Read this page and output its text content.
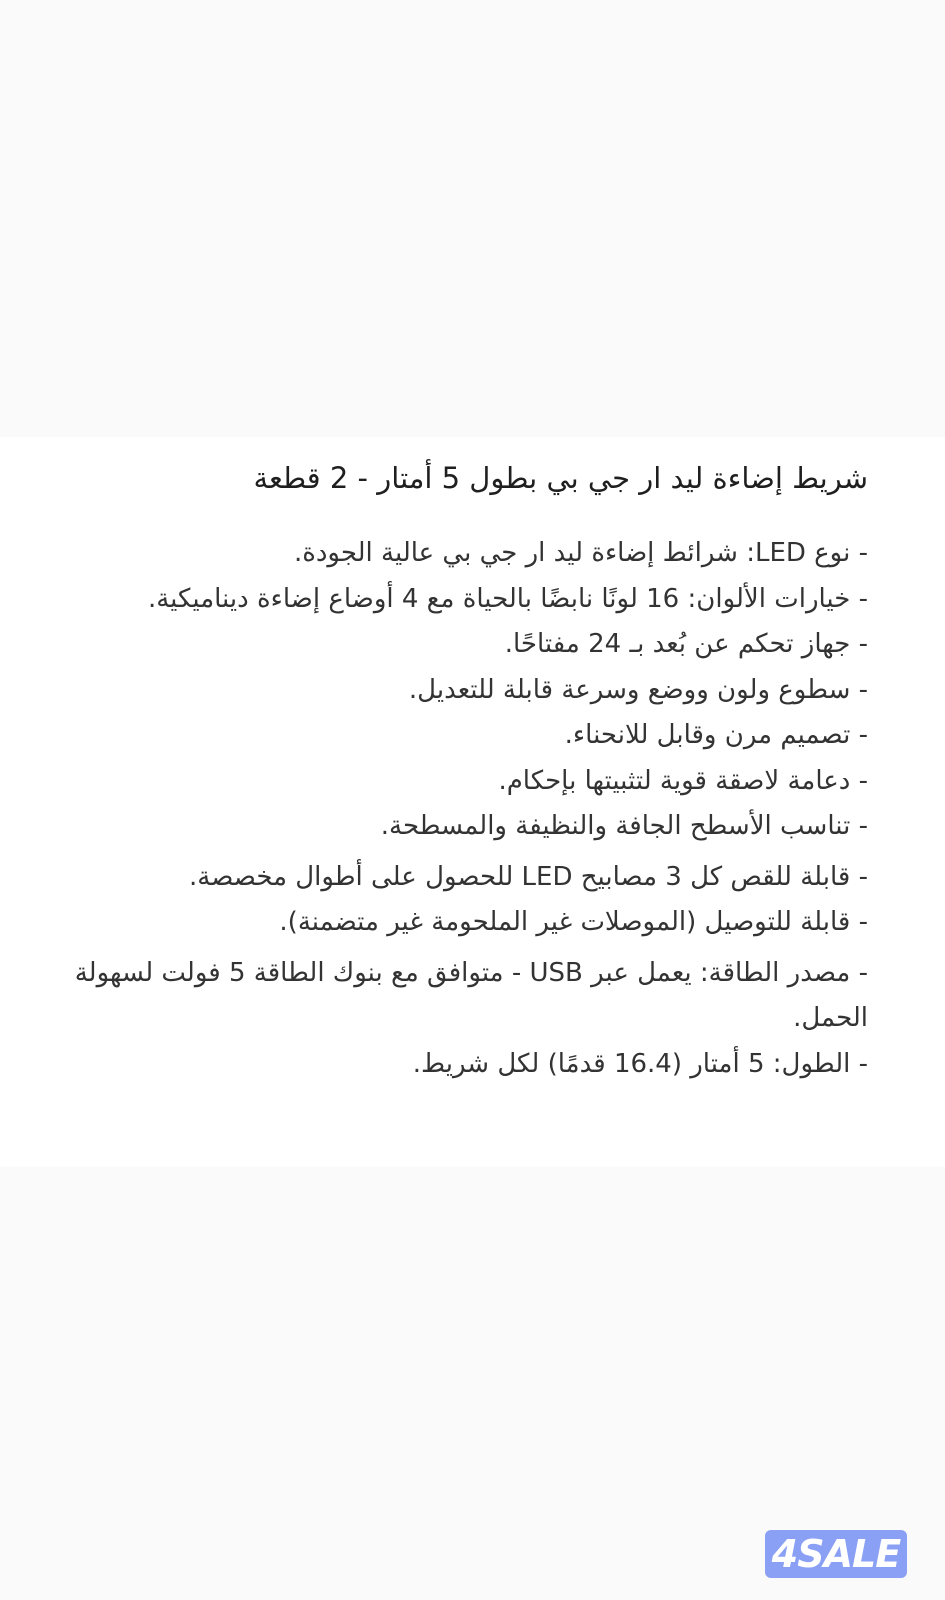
شريط إضاءة ليد ار جي بي بطول 5 أمتار - 2 قطعة
- نوع LED: شرائط إضاءة ليد ار جي بي عالية الجودة.
- خيارات الألوان: 16 لونًا نابضًا بالحياة مع 4 أوضاع إضاءة ديناميكية.
- جهاز تحكم عن بُعد بـ 24 مفتاحًا.
- سطوع ولون ووضع وسرعة قابلة للتعديل.
- تصميم مرن وقابل للانحناء.
- دعامة لاصقة قوية لتثبيتها بإحكام.
- تناسب الأسطح الجافة والنظيفة والمسطحة.
- قابلة للقص كل 3 مصابيح LED للحصول على أطوال مخصصة.
- قابلة للتوصيل (الموصلات غير الملحومة غير متضمنة).
- مصدر الطاقة: يعمل عبر USB - متوافق مع بنوك الطاقة 5 فولت لسهولة الحمل.
- الطول: 5 أمتار (16.4 قدمًا) لكل شريط.
4SALE
